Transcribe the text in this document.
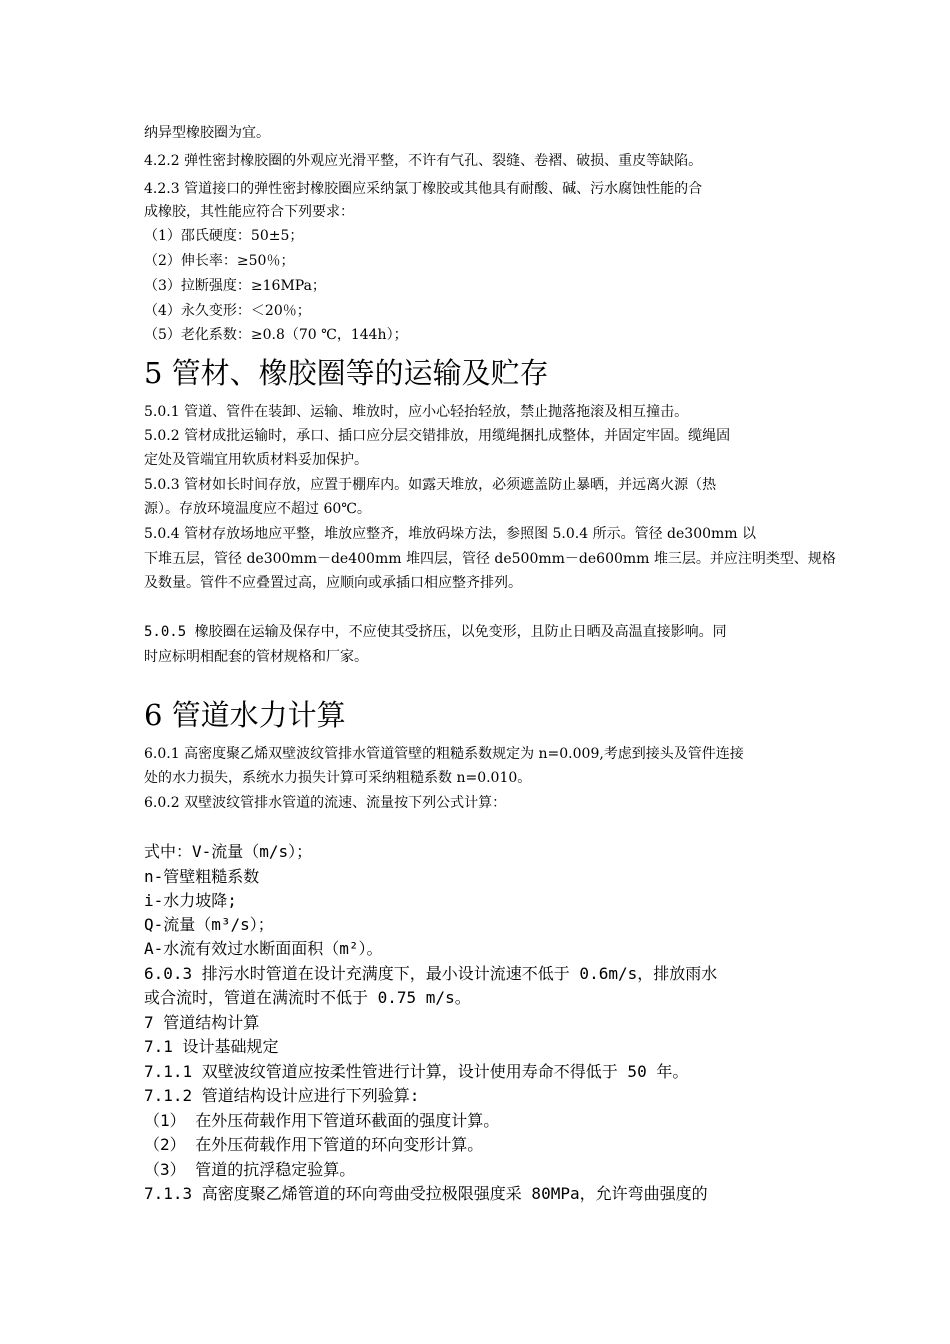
纳异型橡胶圈为宜。
4.2.2 弹性密封橡胶圈的外观应光滑平整，不许有气孔、裂缝、卷褶、破损、重皮等缺陷。
4.2.3 管道接口的弹性密封橡胶圈应采纳氯丁橡胶或其他具有耐酸、碱、污水腐蚀性能的合
成橡胶，其性能应符合下列要求：
（1）邵氏硬度：50±5；
（2）伸长率：≥50％；
（3）拉断强度：≥16MPa；
（4）永久变形：＜20％；
（5）老化系数：≥0.8（70 ℃，144h）；
5 管材、橡胶圈等的运输及贮存
5.0.1 管道、管件在装卸、运输、堆放时，应小心轻抬轻放，禁止抛落拖滚及相互撞击。
5.0.2 管材成批运输时，承口、插口应分层交错排放，用缆绳捆扎成整体，并固定牢固。缆绳固
定处及管端宜用软质材料妥加保护。
5.0.3 管材如长时间存放，应置于棚库内。如露天堆放，必须遮盖防止暴晒，并远离火源（热
源）。存放环境温度应不超过 60℃。
5.0.4 管材存放场地应平整，堆放应整齐，堆放码垛方法，参照图 5.0.4 所示。管径 de300mm 以
下堆五层，管径 de300mm－de400mm 堆四层，管径 de500mm－de600mm 堆三层。并应注明类型、规格
及数量。管件不应叠置过高，应顺向或承插口相应整齐排列。
5.0.5 橡胶圈在运输及保存中，不应使其受挤压，以免变形，且防止日晒及高温直接影响。同
时应标明相配套的管材规格和厂家。
6 管道水力计算
6.0.1 高密度聚乙烯双壁波纹管排水管道管壁的粗糙系数规定为 n=0.009,考虑到接头及管件连接
处的水力损失，系统水力损失计算可采纳粗糙系数 n=0.010。
6.0.2 双壁波纹管排水管道的流速、流量按下列公式计算：
式中：V-流量（m/s）；
n-管壁粗糙系数
i-水力坡降;
Q-流量（m³/s）；
A-水流有效过水断面面积（m²）。
6.0.3 排污水时管道在设计充满度下，最小设计流速不低于 0.6m/s，排放雨水
或合流时，管道在满流时不低于 0.75 m/s。
7 管道结构计算
7.1 设计基础规定
7.1.1 双壁波纹管道应按柔性管进行计算，设计使用寿命不得低于 50 年。
7.1.2 管道结构设计应进行下列验算:
（1） 在外压荷载作用下管道环截面的强度计算。
（2） 在外压荷载作用下管道的环向变形计算。
（3） 管道的抗浮稳定验算。
7.1.3 高密度聚乙烯管道的环向弯曲受拉极限强度采 80MPa，允许弯曲强度的
